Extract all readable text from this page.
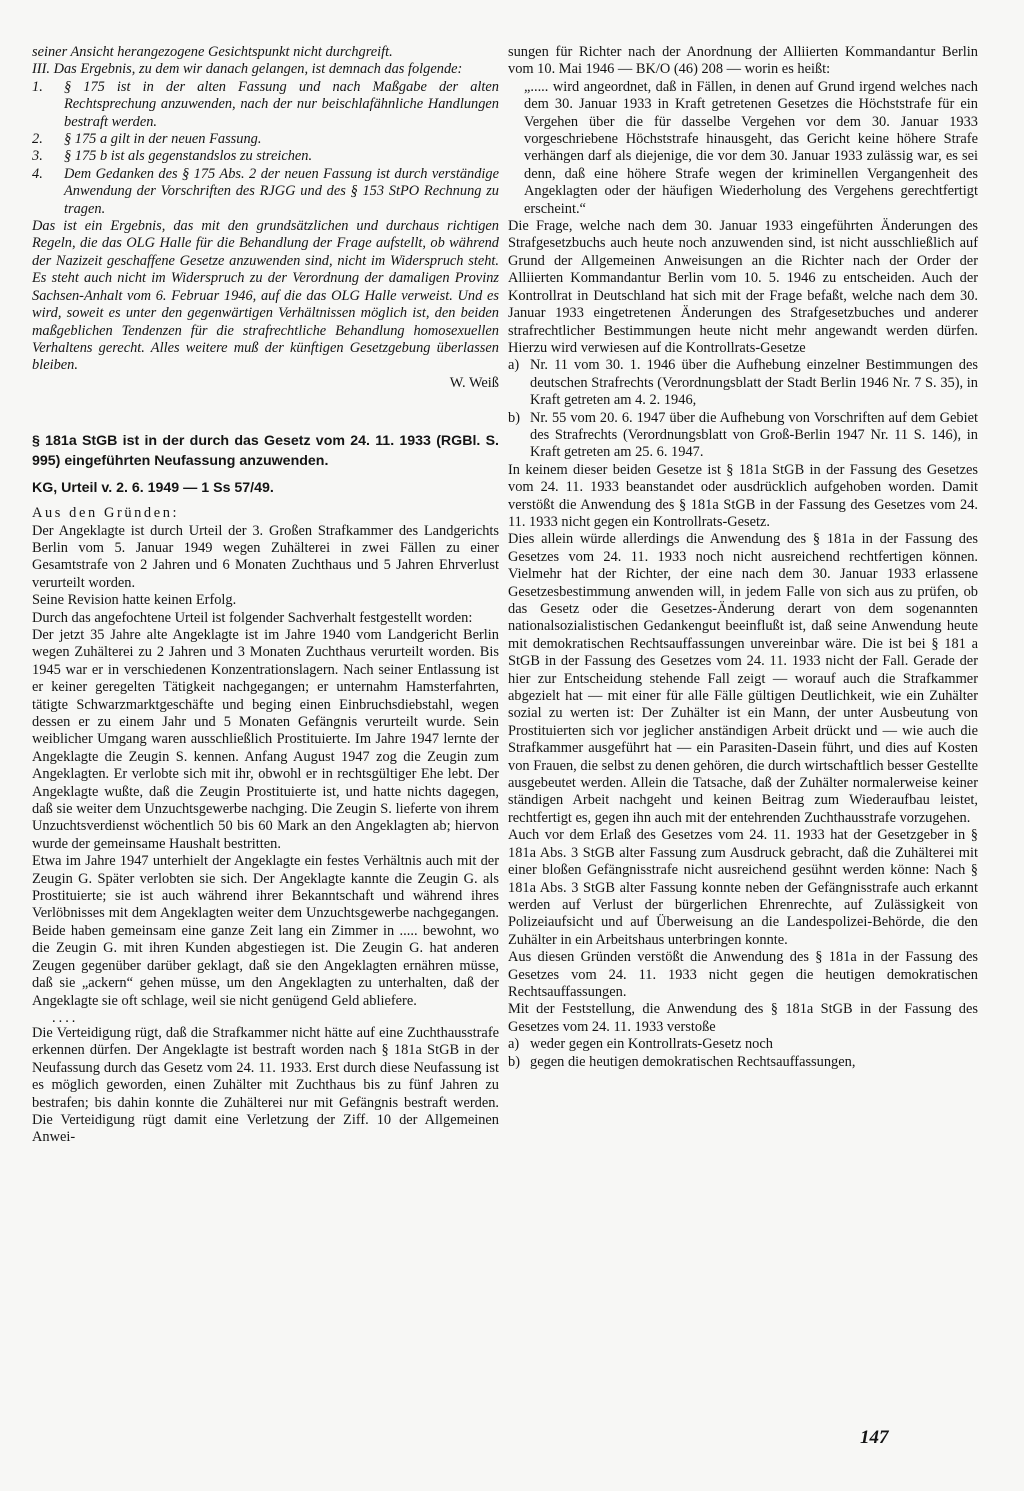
seiner Ansicht herangezogene Gesichtspunkt nicht durchgreift.

III. Das Ergebnis, zu dem wir danach gelangen, ist demnach das folgende:

1. § 175 ist in der alten Fassung und nach Maßgabe der alten Rechtsprechung anzuwenden, nach der nur beischlafähnliche Handlungen bestraft werden.
2. § 175 a gilt in der neuen Fassung.
3. § 175 b ist als gegenstandslos zu streichen.
4. Dem Gedanken des § 175 Abs. 2 der neuen Fassung ist durch verständige Anwendung der Vorschriften des RJGG und des § 153 StPO Rechnung zu tragen.

Das ist ein Ergebnis, das mit den grundsätzlichen und durchaus richtigen Regeln, die das OLG Halle für die Behandlung der Frage aufstellt, ob während der Nazizeit geschaffene Gesetze anzuwenden sind, nicht im Widerspruch steht. Es steht auch nicht im Widerspruch zu der Verordnung der damaligen Provinz Sachsen-Anhalt vom 6. Februar 1946, auf die das OLG Halle verweist. Und es wird, soweit es unter den gegenwärtigen Verhältnissen möglich ist, den beiden maßgeblichen Tendenzen für die strafrechtliche Behandlung homosexuellen Verhaltens gerecht. Alles weitere muß der künftigen Gesetzgebung überlassen bleiben.

W. Weiß

§ 181a StGB ist in der durch das Gesetz vom 24. 11. 1933 (RGBl. S. 995) eingeführten Neufassung anzuwenden.

KG, Urteil v. 2. 6. 1949 — 1 Ss 57/49.

Aus den Gründen:

Der Angeklagte ist durch Urteil der 3. Großen Strafkammer des Landgerichts Berlin vom 5. Januar 1949 wegen Zuhälterei in zwei Fällen zu einer Gesamtstrafe von 2 Jahren und 6 Monaten Zuchthaus und 5 Jahren Ehrverlust verurteilt worden.

Seine Revision hatte keinen Erfolg.

Durch das angefochtene Urteil ist folgender Sachverhalt festgestellt worden:

Der jetzt 35 Jahre alte Angeklagte ist im Jahre 1940 vom Landgericht Berlin wegen Zuhälterei zu 2 Jahren und 3 Monaten Zuchthaus verurteilt worden. Bis 1945 war er in verschiedenen Konzentrationslagern. Nach seiner Entlassung ist er keiner geregelten Tätigkeit nachgegangen; er unternahm Hamsterfahrten, tätigte Schwarzmarktgeschäfte und beging einen Einbruchsdiebstahl, wegen dessen er zu einem Jahr und 5 Monaten Gefängnis verurteilt wurde. Sein weiblicher Umgang waren ausschließlich Prostituierte. Im Jahre 1947 lernte der Angeklagte die Zeugin S. kennen. Anfang August 1947 zog die Zeugin zum Angeklagten. Er verlobte sich mit ihr, obwohl er in rechtsgültiger Ehe lebt. Der Angeklagte wußte, daß die Zeugin Prostituierte ist, und hatte nichts dagegen, daß sie weiter dem Unzuchtsgewerbe nachging. Die Zeugin S. lieferte von ihrem Unzuchtsverdienst wöchentlich 50 bis 60 Mark an den Angeklagten ab; hiervon wurde der gemeinsame Haushalt bestritten.

Etwa im Jahre 1947 unterhielt der Angeklagte ein festes Verhältnis auch mit der Zeugin G. Später verlobten sie sich. Der Angeklagte kannte die Zeugin G. als Prostituierte; sie ist auch während ihrer Bekanntschaft und während ihres Verlöbnisses mit dem Angeklagten weiter dem Unzuchtsgewerbe nachgegangen. Beide haben gemeinsam eine ganze Zeit lang ein Zimmer in ..... bewohnt, wo die Zeugin G. mit ihren Kunden abgestiegen ist. Die Zeugin G. hat anderen Zeugen gegenüber darüber geklagt, daß sie den Angeklagten ernähren müsse, daß sie „ackern“ gehen müsse, um den Angeklagten zu unterhalten, daß der Angeklagte sie oft schlage, weil sie nicht genügend Geld abliefere.

....

Die Verteidigung rügt, daß die Strafkammer nicht hätte auf eine Zuchthausstrafe erkennen dürfen. Der Angeklagte ist bestraft worden nach § 181a StGB in der Neufassung durch das Gesetz vom 24. 11. 1933. Erst durch diese Neufassung ist es möglich geworden, einen Zuhälter mit Zuchthaus bis zu fünf Jahren zu bestrafen; bis dahin konnte die Zuhälterei nur mit Gefängnis bestraft werden. Die Verteidigung rügt damit eine Verletzung der Ziff. 10 der Allgemeinen Anwei-

sungen für Richter nach der Anordnung der Alliierten Kommandantur Berlin vom 10. Mai 1946 — BK/O (46) 208 — worin es heißt:

„..... wird angeordnet, daß in Fällen, in denen auf Grund irgend welches nach dem 30. Januar 1933 in Kraft getretenen Gesetzes die Höchststrafe für ein Vergehen über die für dasselbe Vergehen vor dem 30. Januar 1933 vorgeschriebene Höchststrafe hinausgeht, das Gericht keine höhere Strafe verhängen darf als diejenige, die vor dem 30. Januar 1933 zulässig war, es sei denn, daß eine höhere Strafe wegen der kriminellen Vergangenheit des Angeklagten oder der häufigen Wiederholung des Vergehens gerechtfertigt erscheint.“

Die Frage, welche nach dem 30. Januar 1933 eingeführten Änderungen des Strafgesetzbuchs auch heute noch anzuwenden sind, ist nicht ausschließlich auf Grund der Allgemeinen Anweisungen an die Richter nach der Order der Alliierten Kommandantur Berlin vom 10. 5. 1946 zu entscheiden. Auch der Kontrollrat in Deutschland hat sich mit der Frage befaßt, welche nach dem 30. Januar 1933 eingetretenen Änderungen des Strafgesetzbuches und anderer strafrechtlicher Bestimmungen heute nicht mehr angewandt werden dürfen. Hierzu wird verwiesen auf die Kontrollrats-Gesetze

a) Nr. 11 vom 30. 1. 1946 über die Aufhebung einzelner Bestimmungen des deutschen Strafrechts (Verordnungsblatt der Stadt Berlin 1946 Nr. 7 S. 35), in Kraft getreten am 4. 2. 1946,
b) Nr. 55 vom 20. 6. 1947 über die Aufhebung von Vorschriften auf dem Gebiet des Strafrechts (Verordnungsblatt von Groß-Berlin 1947 Nr. 11 S. 146), in Kraft getreten am 25. 6. 1947.

In keinem dieser beiden Gesetze ist § 181a StGB in der Fassung des Gesetzes vom 24. 11. 1933 beanstandet oder ausdrücklich aufgehoben worden. Damit verstößt die Anwendung des § 181a StGB in der Fassung des Gesetzes vom 24. 11. 1933 nicht gegen ein Kontrollrats-Gesetz.

Dies allein würde allerdings die Anwendung des § 181a in der Fassung des Gesetzes vom 24. 11. 1933 noch nicht ausreichend rechtfertigen können. Vielmehr hat der Richter, der eine nach dem 30. Januar 1933 erlassene Gesetzesbestimmung anwenden will, in jedem Falle von sich aus zu prüfen, ob das Gesetz oder die Gesetzes-Änderung derart von dem sogenannten nationalsozialistischen Gedankengut beeinflußt ist, daß seine Anwendung heute mit demokratischen Rechtsauffassungen unvereinbar wäre. Die ist bei § 181 a StGB in der Fassung des Gesetzes vom 24. 11. 1933 nicht der Fall. Gerade der hier zur Entscheidung stehende Fall zeigt — worauf auch die Strafkammer abgezielt hat — mit einer für alle Fälle gültigen Deutlichkeit, wie ein Zuhälter sozial zu werten ist: Der Zuhälter ist ein Mann, der unter Ausbeutung von Prostituierten sich vor jeglicher anständigen Arbeit drückt und — wie auch die Strafkammer ausgeführt hat — ein Parasiten-Dasein führt, und dies auf Kosten von Frauen, die selbst zu denen gehören, die durch wirtschaftlich besser Gestellte ausgebeutet werden. Allein die Tatsache, daß der Zuhälter normalerweise keiner ständigen Arbeit nachgeht und keinen Beitrag zum Wiederaufbau leistet, rechtfertigt es, gegen ihn auch mit der entehrenden Zuchthausstrafe vorzugehen.

Auch vor dem Erlaß des Gesetzes vom 24. 11. 1933 hat der Gesetzgeber in § 181a Abs. 3 StGB alter Fassung zum Ausdruck gebracht, daß die Zuhälterei mit einer bloßen Gefängnisstrafe nicht ausreichend gesühnt werden könne: Nach § 181a Abs. 3 StGB alter Fassung konnte neben der Gefängnisstrafe auch erkannt werden auf Verlust der bürgerlichen Ehrenrechte, auf Zulässigkeit von Polizeiaufsicht und auf Überweisung an die Landespolizei-Behörde, die den Zuhälter in ein Arbeitshaus unterbringen konnte.

Aus diesen Gründen verstößt die Anwendung des § 181a in der Fassung des Gesetzes vom 24. 11. 1933 nicht gegen die heutigen demokratischen Rechtsauffassungen.

Mit der Feststellung, die Anwendung des § 181a StGB in der Fassung des Gesetzes vom 24. 11. 1933 verstoße

a) weder gegen ein Kontrollrats-Gesetz noch
b) gegen die heutigen demokratischen Rechtsauffassungen,
147
